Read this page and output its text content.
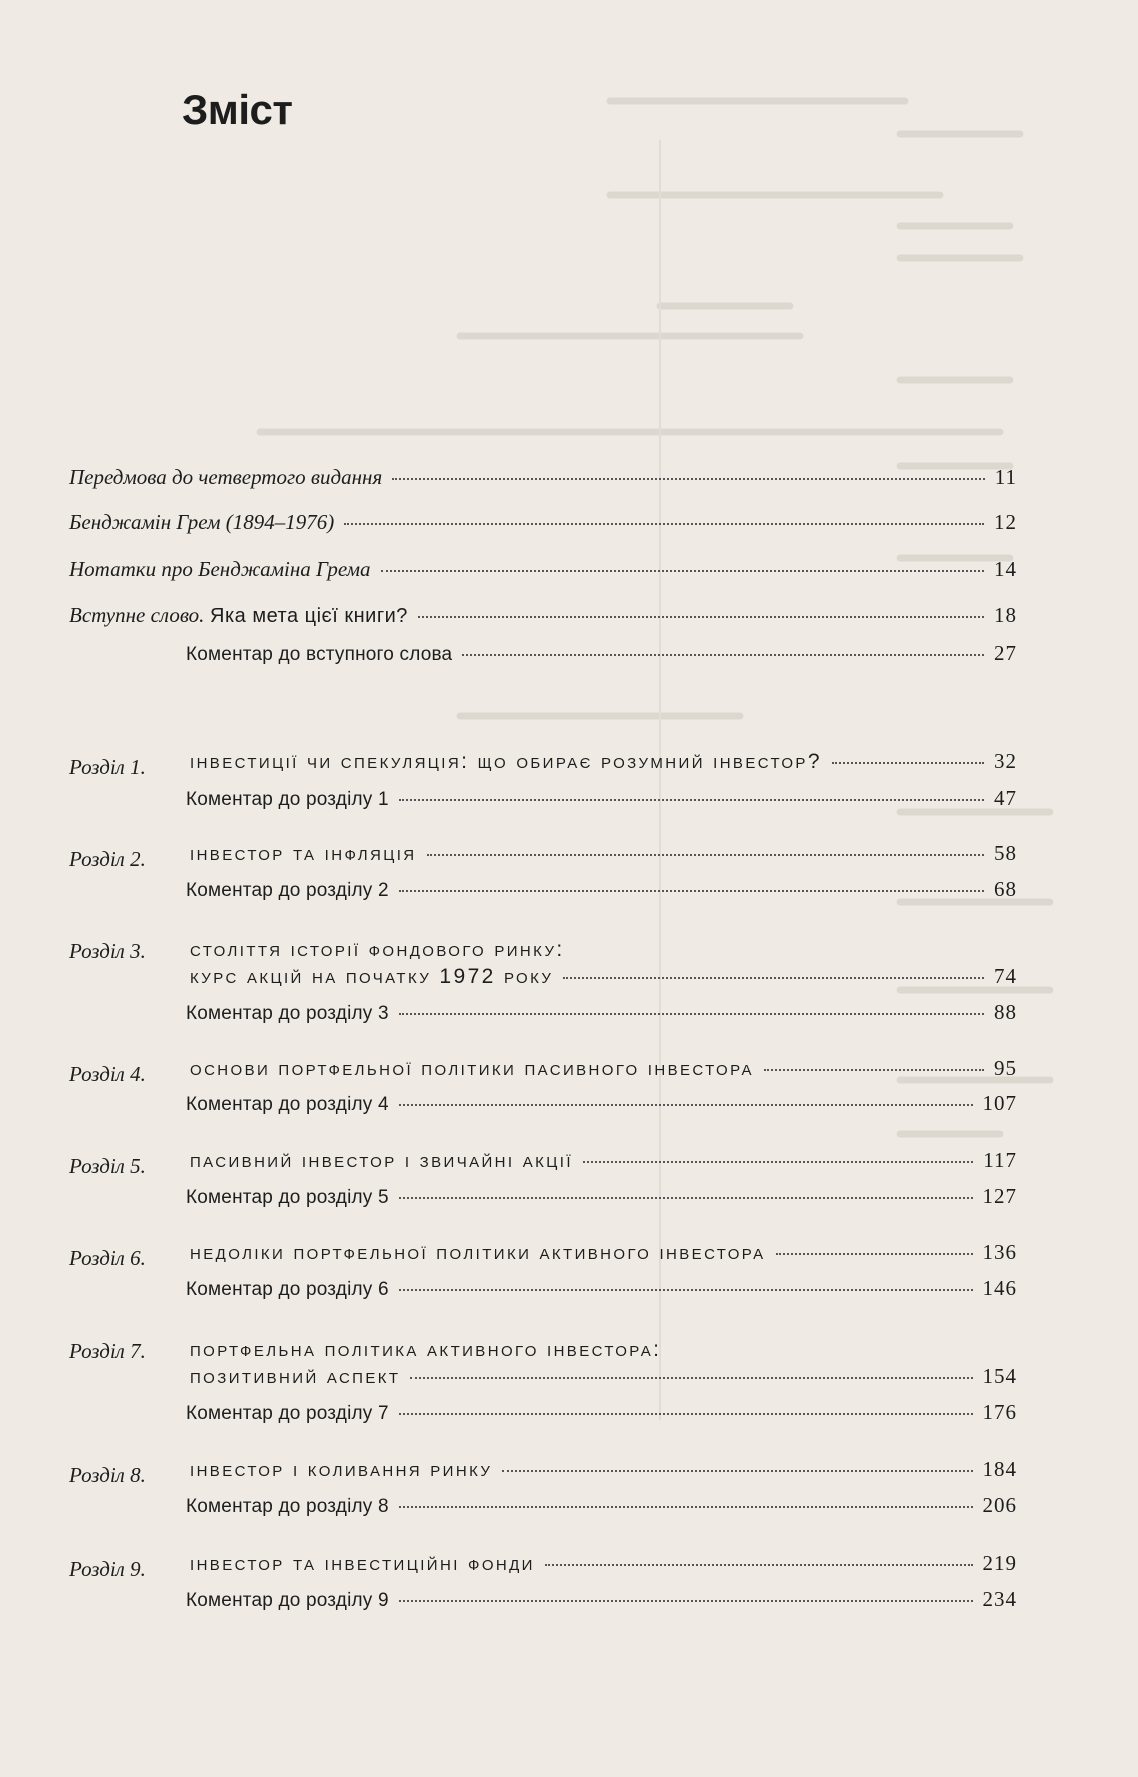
Зміст
Передмова до четвертого видання	11
Бенджамін Грем (1894–1976)	12
Нотатки про Бенджаміна Грема	14
Вступне слово. Яка мета цієї книги?	18
Коментар до вступного слова	27
Розділ 1. інвестиції чи спекуляція: що обирає розумний інвестор?	32
Коментар до розділу 1	47
Розділ 2. інвестор та інфляція	58
Коментар до розділу 2	68
Розділ 3. століття історії фондового ринку:
курс акцій на початку 1972 року	74
Коментар до розділу 3	88
Розділ 4. основи портфельної політики пасивного інвестора	95
Коментар до розділу 4	107
Розділ 5. пасивний інвестор і звичайні акції	117
Коментар до розділу 5	127
Розділ 6. недоліки портфельної політики активного інвестора	136
Коментар до розділу 6	146
Розділ 7. портфельна політика активного інвестора:
позитивний аспект	154
Коментар до розділу 7	176
Розділ 8. інвестор і коливання ринку	184
Коментар до розділу 8	206
Розділ 9. інвестор та інвестиційні фонди	219
Коментар до розділу 9	234
